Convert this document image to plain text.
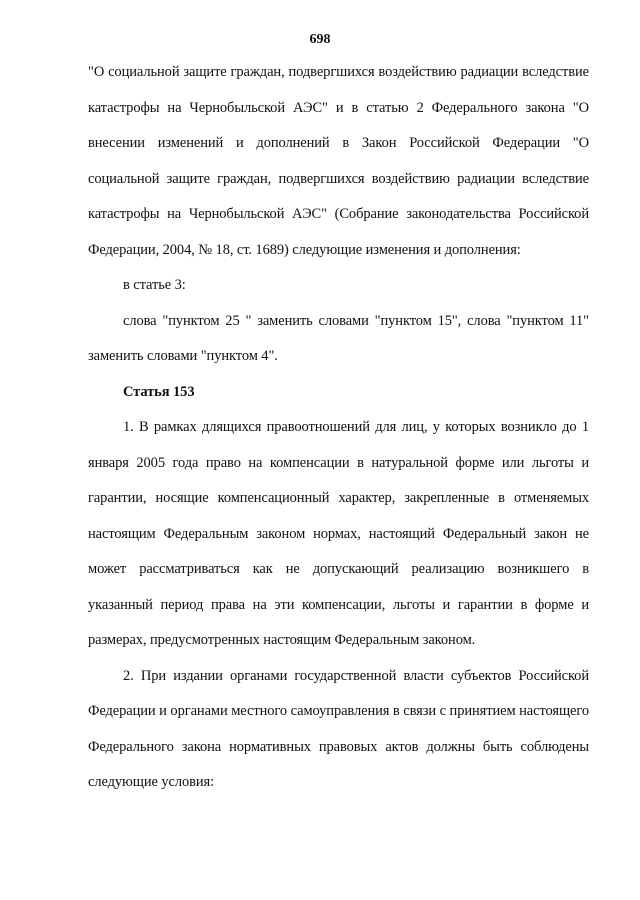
698

"О социальной защите граждан, подвергшихся воздействию радиации вследствие катастрофы на Чернобыльской АЭС" и в статью 2 Федерального закона "О внесении изменений и дополнений в Закон Российской Федерации "О социальной защите граждан, подвергшихся воздействию радиации вследствие катастрофы на Чернобыльской АЭС" (Собрание законодательства Российской Федерации, 2004, № 18, ст. 1689) следующие изменения и дополнения:

в статье 3:

слова "пунктом 25 " заменить словами "пунктом 15", слова "пунктом 11" заменить словами "пунктом 4".

Статья 153

1. В рамках длящихся правоотношений для лиц, у которых возникло до 1 января 2005 года право на компенсации в натуральной форме или льготы и гарантии, носящие компенсационный характер, закрепленные в отменяемых настоящим Федеральным законом нормах, настоящий Федеральный закон не может рассматриваться как не допускающий реализацию возникшего в указанный период права на эти компенсации, льготы и гарантии в форме и размерах, предусмотренных настоящим Федеральным законом.

2. При издании органами государственной власти субъектов Российской Федерации и органами местного самоуправления в связи с принятием настоящего Федерального закона нормативных правовых актов должны быть соблюдены следующие условия:
